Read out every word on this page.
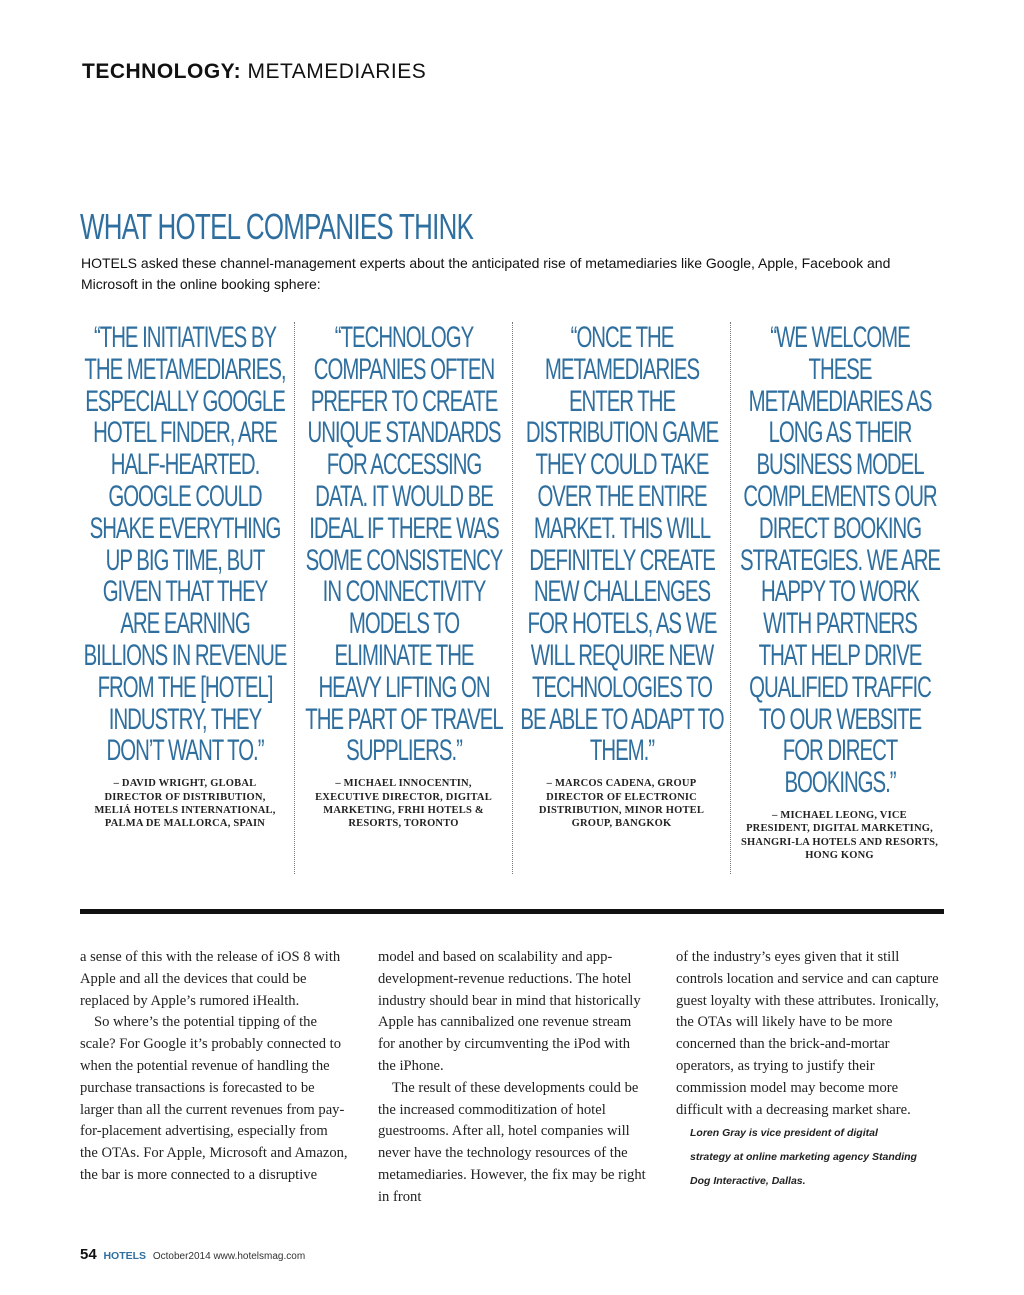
TECHNOLOGY: METAMEDIARIES
WHAT HOTEL COMPANIES THINK
HOTELS asked these channel-management experts about the anticipated rise of metamediaries like Google, Apple, Facebook and Microsoft in the online booking sphere:
“THE INITIATIVES BY THE METAMEDIARIES, ESPECIALLY GOOGLE HOTEL FINDER, ARE HALF-HEARTED. GOOGLE COULD SHAKE EVERYTHING UP BIG TIME, BUT GIVEN THAT THEY ARE EARNING BILLIONS IN REVENUE FROM THE [HOTEL] INDUSTRY, THEY DON’T WANT TO.”
– DAVID WRIGHT, GLOBAL DIRECTOR OF DISTRIBUTION, MELIÁ HOTELS INTERNATIONAL, PALMA DE MALLORCA, SPAIN
“TECHNOLOGY COMPANIES OFTEN PREFER TO CREATE UNIQUE STANDARDS FOR ACCESSING DATA. IT WOULD BE IDEAL IF THERE WAS SOME CONSISTENCY IN CONNECTIVITY MODELS TO ELIMINATE THE HEAVY LIFTING ON THE PART OF TRAVEL SUPPLIERS.”
– MICHAEL INNOCENTIN, EXECUTIVE DIRECTOR, DIGITAL MARKETING, FRHI HOTELS & RESORTS, TORONTO
“ONCE THE METAMEDIARIES ENTER THE DISTRIBUTION GAME THEY COULD TAKE OVER THE ENTIRE MARKET. THIS WILL DEFINITELY CREATE NEW CHALLENGES FOR HOTELS, AS WE WILL REQUIRE NEW TECHNOLOGIES TO BE ABLE TO ADAPT TO THEM.”
– MARCOS CADENA, GROUP DIRECTOR OF ELECTRONIC DISTRIBUTION, MINOR HOTEL GROUP, BANGKOK
“WE WELCOME THESE METAMEDIARIES AS LONG AS THEIR BUSINESS MODEL COMPLEMENTS OUR DIRECT BOOKING STRATEGIES. WE ARE HAPPY TO WORK WITH PARTNERS THAT HELP DRIVE QUALIFIED TRAFFIC TO OUR WEBSITE FOR DIRECT BOOKINGS.”
– MICHAEL LEONG, VICE PRESIDENT, DIGITAL MARKETING, SHANGRI-LA HOTELS AND RESORTS, HONG KONG

a sense of this with the release of iOS 8 with Apple and all the devices that could be replaced by Apple’s rumored iHealth.

So where’s the potential tipping of the scale? For Google it’s probably connected to when the potential revenue of handling the purchase transactions is forecasted to be larger than all the current revenues from pay-for-placement advertising, especially from the OTAs. For Apple, Microsoft and Amazon, the bar is more connected to a disruptive

model and based on scalability and app-development-revenue reductions. The hotel industry should bear in mind that historically Apple has cannibalized one revenue stream for another by circumventing the iPod with the iPhone.

The result of these developments could be the increased commoditization of hotel guestrooms. After all, hotel companies will never have the technology resources of the metamediaries. However, the fix may be right in front

of the industry’s eyes given that it still controls location and service and can capture guest loyalty with these attributes. Ironically, the OTAs will likely have to be more concerned than the brick-and-mortar operators, as trying to justify their commission model may become more difficult with a decreasing market share.

Loren Gray is vice president of digital
strategy at online marketing agency Standing
Dog Interactive, Dallas.
54 HOTELS October2014 www.hotelsmag.com
